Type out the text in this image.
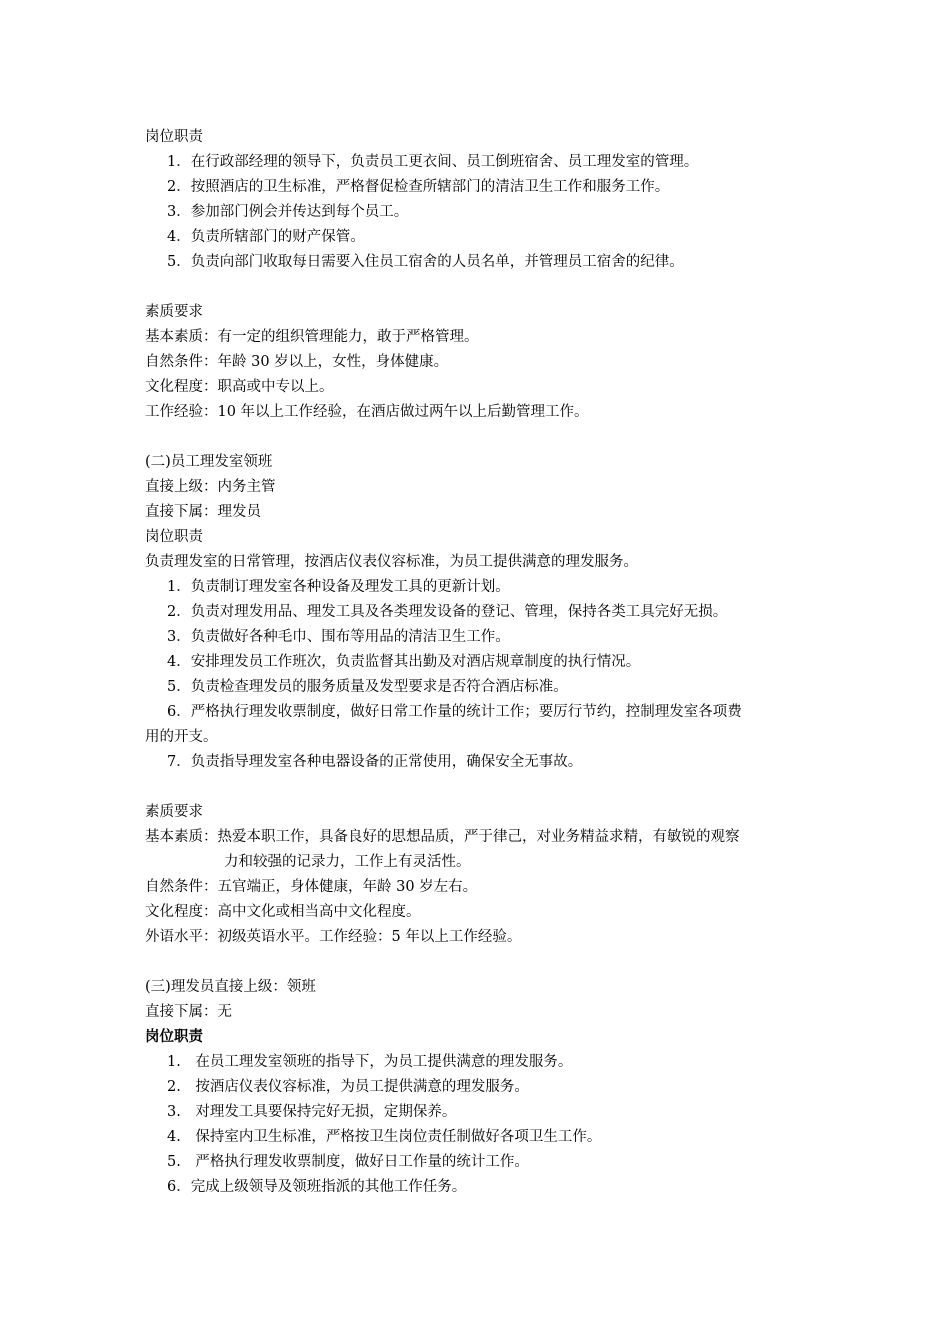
岗位职责
1．在行政部经理的领导下，负责员工更衣间、员工倒班宿舍、员工理发室的管理。
2．按照酒店的卫生标准，严格督促检查所辖部门的清洁卫生工作和服务工作。
3．参加部门例会并传达到每个员工。
4．负责所辖部门的财产保管。
5．负责向部门收取每日需要入住员工宿舍的人员名单，并管理员工宿舍的纪律。
素质要求
基本素质：有一定的组织管理能力，敢于严格管理。
自然条件：年龄 30 岁以上，女性，身体健康。
文化程度：职高或中专以上。
工作经验：10 年以上工作经验，在酒店做过两午以上后勤管理工作。
(二)员工理发室领班
直接上级：内务主管
直接下属：理发员
岗位职责
负责理发室的日常管理，按酒店仪表仪容标准，为员工提供满意的理发服务。
1．负责制订理发室各种设备及理发工具的更新计划。
2．负责对理发用品、理发工具及各类理发设备的登记、管理，保持各类工具完好无损。
3．负责做好各种毛巾、围布等用品的清洁卫生工作。
4．安排理发员工作班次，负责监督其出勤及对酒店规章制度的执行情况。
5．负责检查理发员的服务质量及发型要求是否符合酒店标准。
6．严格执行理发收票制度，做好日常工作量的统计工作；要厉行节约，控制理发室各项费
用的开支。
7．负责指导理发室各种电器设备的正常使用，确保安全无事故。
素质要求
基本素质：热爱本职工作，具备良好的思想品质，严于律己，对业务精益求精，有敏锐的观察
力和较强的记录力，工作上有灵活性。
自然条件：五官端正，身体健康，年龄 30 岁左右。
文化程度：高中文化或相当高中文化程度。
外语水平：初级英语水平。工作经验：5 年以上工作经验。
(三)理发员直接上级：领班
直接下属：无
岗位职责
1.　在员工理发室领班的指导下，为员工提供满意的理发服务。
2.　按酒店仪表仪容标准，为员工提供满意的理发服务。
3.　对理发工具要保持完好无损，定期保养。
4.　保持室内卫生标准，严格按卫生岗位责任制做好各项卫生工作。
5.　严格执行理发收票制度，做好日工作量的统计工作。
6．完成上级领导及领班指派的其他工作任务。
